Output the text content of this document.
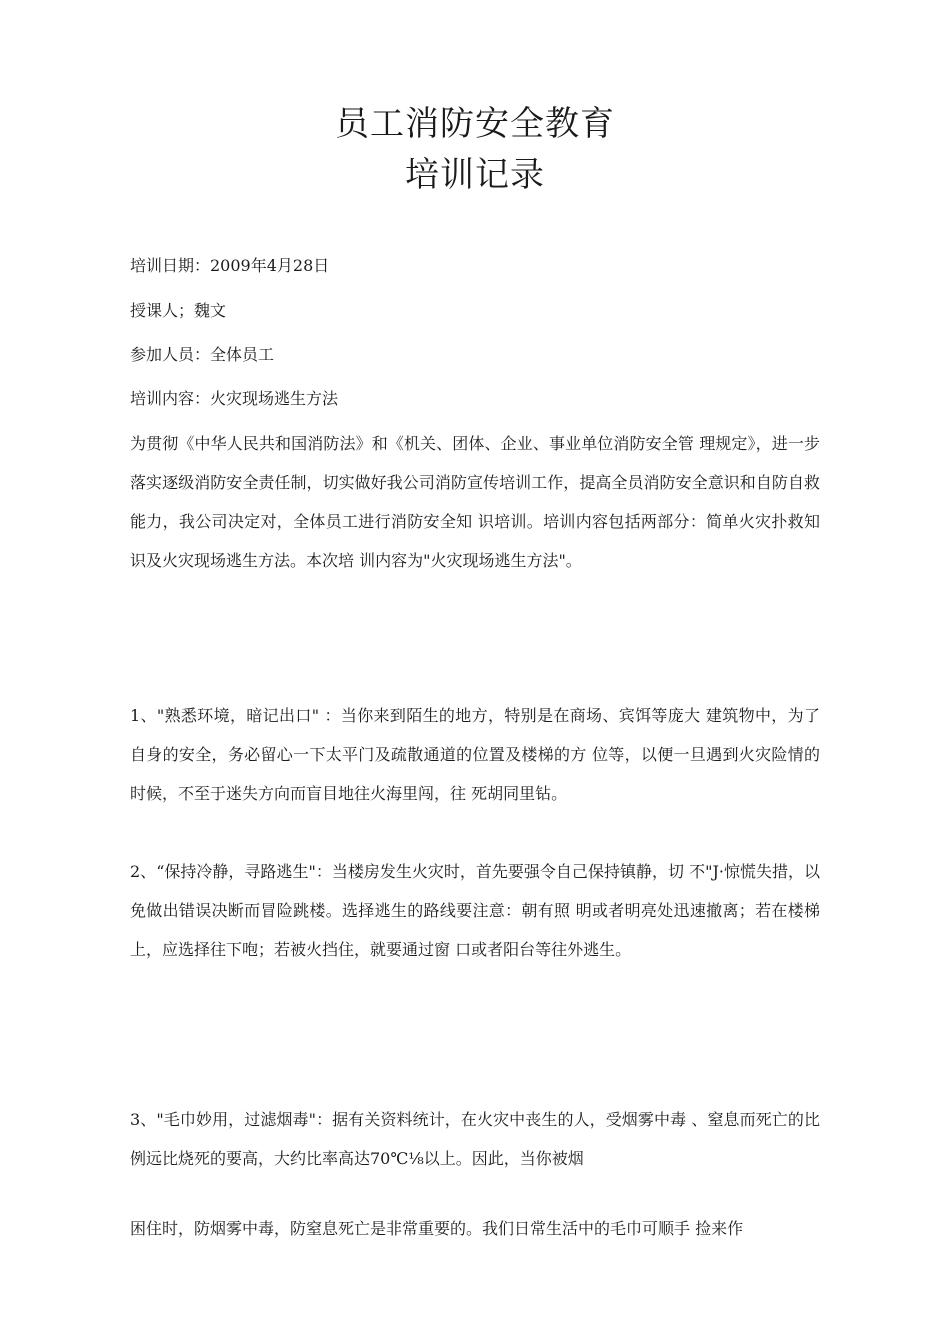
员工消防安全教育
培训记录
培训日期：2009年4月28日
授课人；魏文
参加人员：全体员工
培训内容：火灾现场逃生方法

为贯彻《中华人民共和国消防法》和《机关、团体、企业、事业单位消防安全管 理规定》，进一步落实逐级消防安全责任制，切实做好我公司消防宣传培训工作，提高全员消防安全意识和自防自救能力，我公司决定对，全体员工进行消防安全知 识培训。培训内容包括两部分：简单火灾扑救知识及火灾现场逃生方法。本次培 训内容为"火灾现场逃生方法"。

1、"熟悉环境，暗记出口" ：当你来到陌生的地方，特别是在商场、宾饵等庞大 建筑物中，为了自身的安全，务必留心一下太平门及疏散通道的位置及楼梯的方 位等，以便一旦遇到火灾险情的时候，不至于迷失方向而盲目地往火海里闯，往 死胡同里钻。

2、“保持冷静，寻路逃生"：当楼房发生火灾时，首先要强令自己保持镇静，切 不"J·惊慌失措，以免做出错误决断而冒险跳楼。选择逃生的路线要注意：朝有照 明或者明亮处迅速撤离；若在楼梯上，应选择往下咆；若被火挡住，就要通过窗 口或者阳台等往外逃生。

3、"毛巾妙用，过滤烟毒"：据有关资料统计，在火灾中丧生的人，受烟雾中毒 、窒息而死亡的比例远比烧死的要高，大约比率高达70℃⅛以上。因此，当你被烟

困住时，防烟雾中毒，防窒息死亡是非常重要的。我们日常生活中的毛巾可顺手 捡来作
